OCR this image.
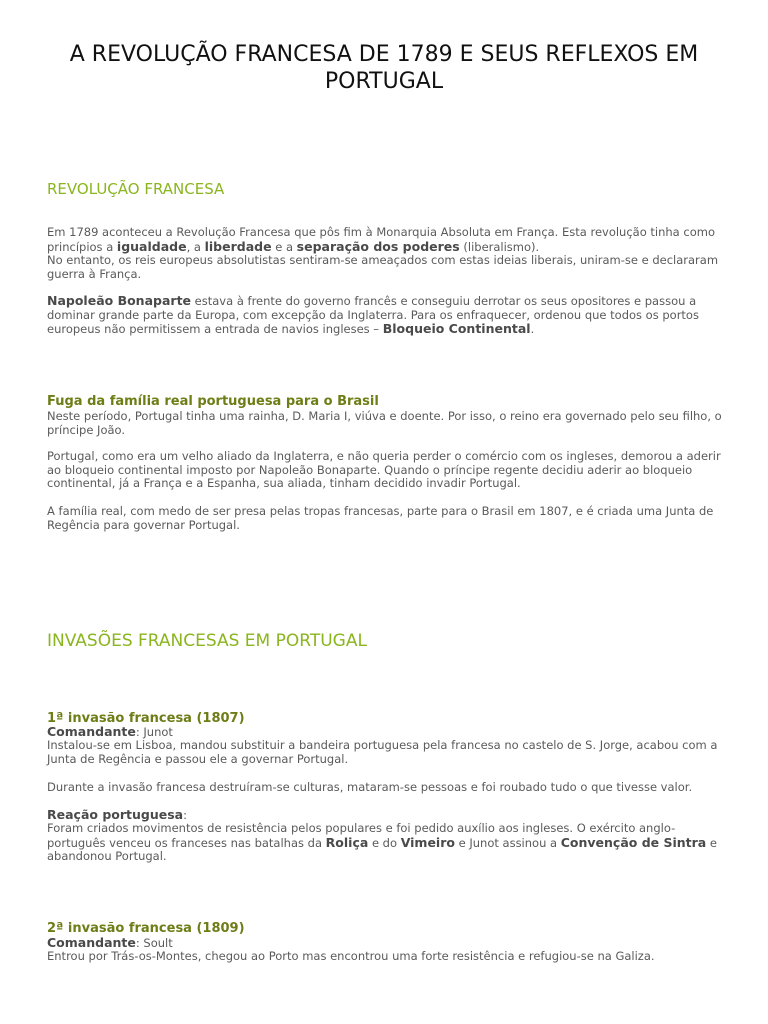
A REVOLUÇÃO FRANCESA DE 1789 E SEUS REFLEXOS EM PORTUGAL
REVOLUÇÃO FRANCESA

Em 1789 aconteceu a Revolução Francesa que pôs fim à Monarquia Absoluta em França. Esta revolução tinha como princípios a igualdade, a liberdade e a separação dos poderes (liberalismo).
No entanto, os reis europeus absolutistas sentiram-se ameaçados com estas ideias liberais, uniram-se e declararam guerra à França.

Napoleão Bonaparte estava à frente do governo francês e conseguiu derrotar os seus opositores e passou a dominar grande parte da Europa, com excepção da Inglaterra. Para os enfraquecer, ordenou que todos os portos europeus não permitissem a entrada de navios ingleses – Bloqueio Continental.

Fuga da família real portuguesa para o Brasil

Neste período, Portugal tinha uma rainha, D. Maria I, viúva e doente. Por isso, o reino era governado pelo seu filho, o príncipe João.

Portugal, como era um velho aliado da Inglaterra, e não queria perder o comércio com os ingleses, demorou a aderir ao bloqueio continental imposto por Napoleão Bonaparte. Quando o príncipe regente decidiu aderir ao bloqueio continental, já a França e a Espanha, sua aliada, tinham decidido invadir Portugal.

A família real, com medo de ser presa pelas tropas francesas, parte para o Brasil em 1807, e é criada uma Junta de Regência para governar Portugal.

INVASÕES FRANCESAS EM PORTUGAL
1ª invasão francesa (1807)

Comandante: Junot

Instalou-se em Lisboa, mandou substituir a bandeira portuguesa pela francesa no castelo de S. Jorge, acabou com a Junta de Regência e passou ele a governar Portugal.

Durante a invasão francesa destruíram-se culturas, mataram-se pessoas e foi roubado tudo o que tivesse valor.

Reação portuguesa:

Foram criados movimentos de resistência pelos populares e foi pedido auxílio aos ingleses. O exército anglo-português venceu os franceses nas batalhas da Roliça e do Vimeiro e Junot assinou a Convenção de Sintra e abandonou Portugal.

2ª invasão francesa (1809)

Comandante: Soult

Entrou por Trás-os-Montes, chegou ao Porto mas encontrou uma forte resistência e refugiou-se na Galiza.
